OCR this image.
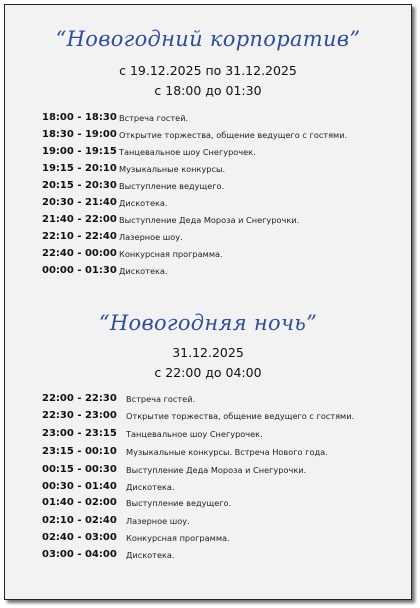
“Новогодний корпоратив”
с 19.12.2025 по 31.12.2025
с 18:00 до 01:30
18:00 - 18:30 Встреча гостей.
18:30 - 19:00 Открытие торжества, общение ведущего с гостями.
19:00 - 19:15 Танцевальное шоу Снегурочек.
19:15 - 20:10 Музыкальные конкурсы.
20:15 - 20:30 Выступление ведущего.
20:30 - 21:40 Дискотека.
21:40 - 22:00 Выступление Деда Мороза и Снегурочки.
22:10 - 22:40 Лазерное шоу.
22:40 - 00:00 Конкурсная программа.
00:00 - 01:30 Дискотека.
“Новогодняя ночь”
31.12.2025
с 22:00 до 04:00
22:00 - 22:30 Встреча гостей.
22:30 - 23:00 Открытие торжества, общение ведущего с гостями.
23:00 - 23:15 Танцевальное шоу Снегурочек.
23:15 - 00:10 Музыкальные конкурсы. Встреча Нового года.
00:15 - 00:30 Выступление Деда Мороза и Снегурочки.
00:30 - 01:40 Дискотека.
01:40 - 02:00 Выступление ведущего.
02:10 - 02:40 Лазерное шоу.
02:40 - 03:00 Конкурсная программа.
03:00 - 04:00 Дискотека.
